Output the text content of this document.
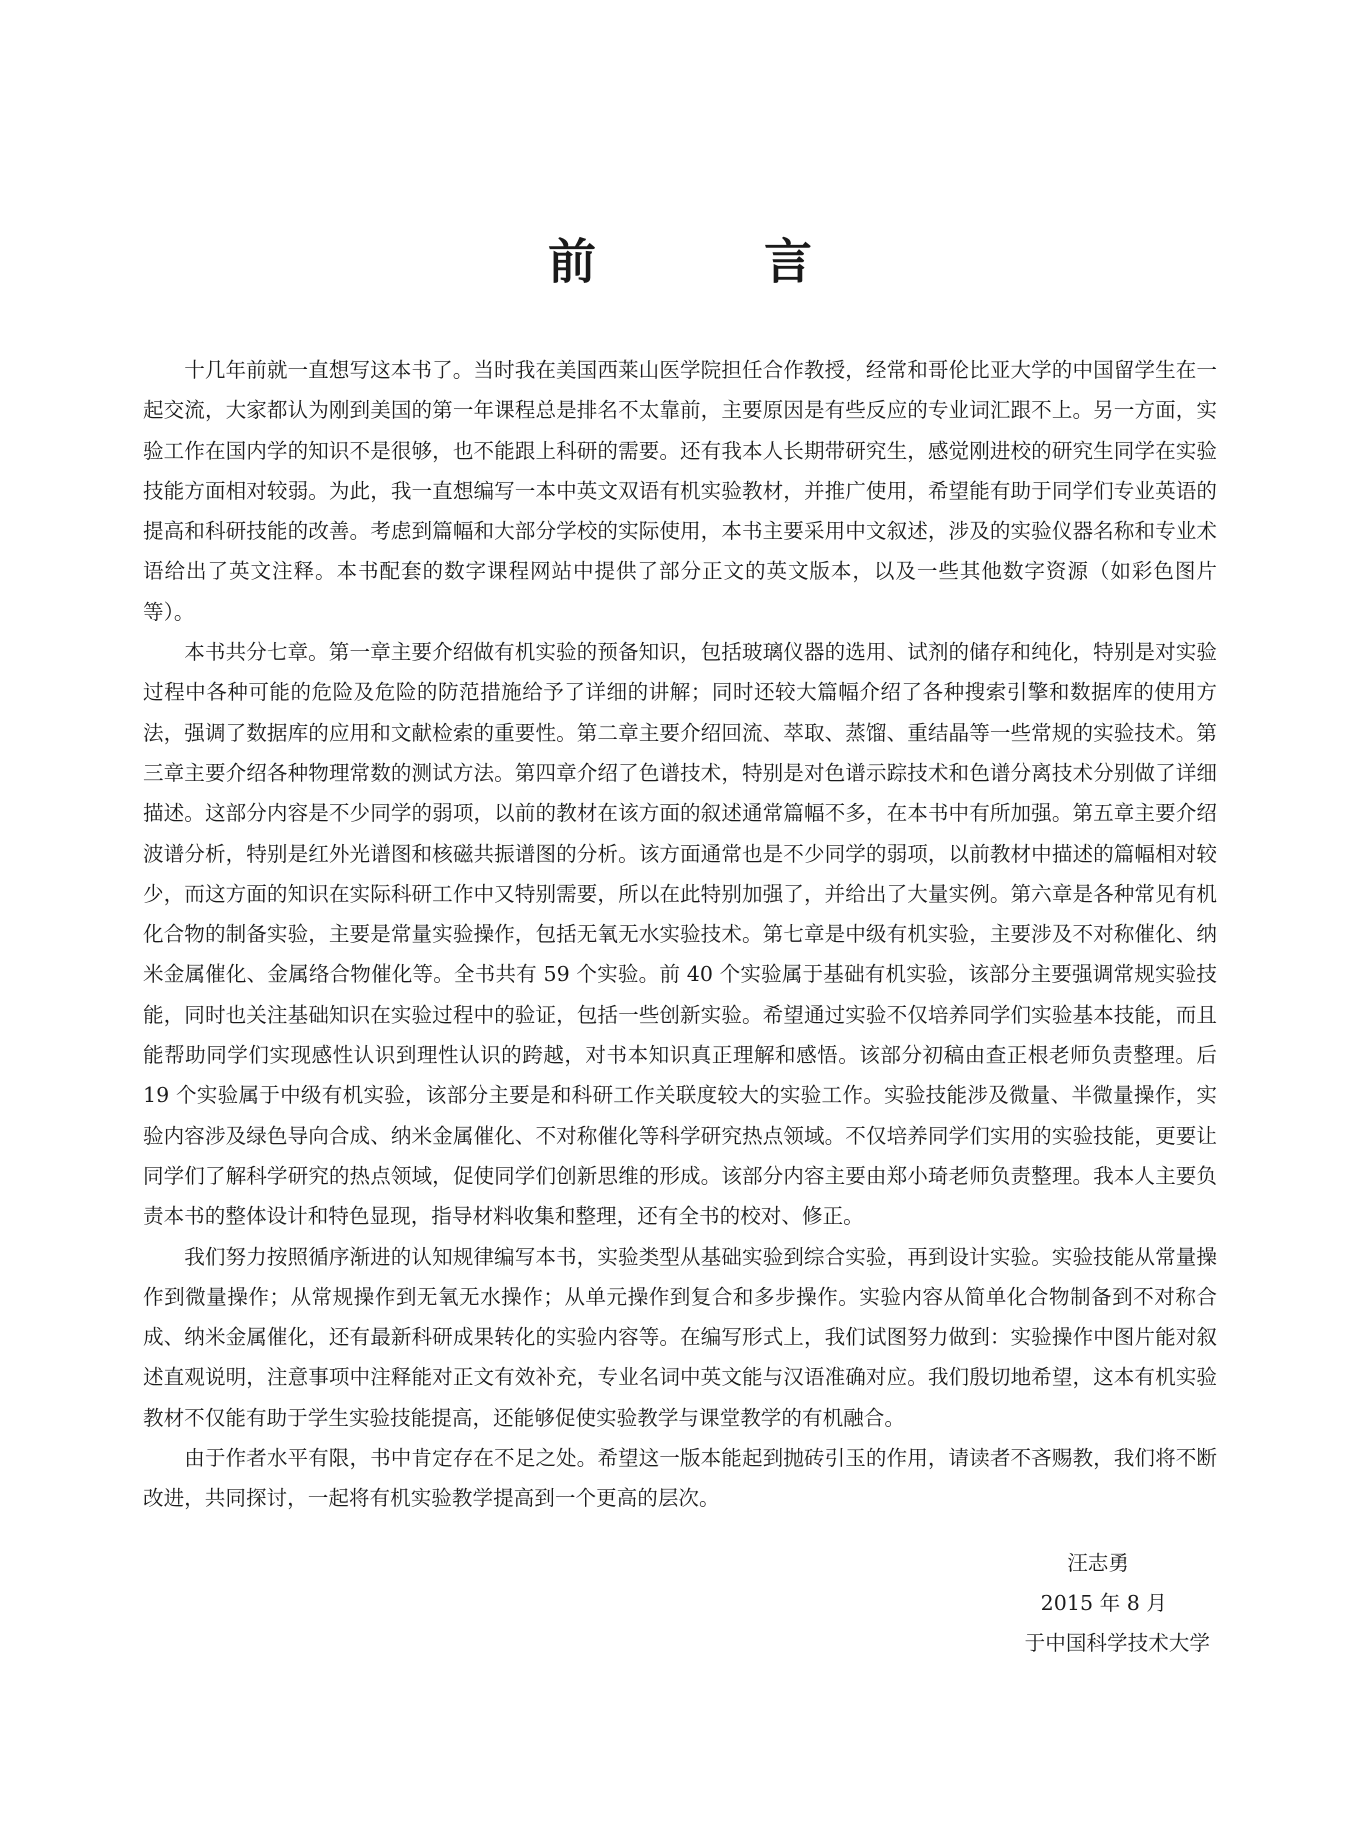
前　言

十几年前就一直想写这本书了。当时我在美国西莱山医学院担任合作教授，经常和哥伦比亚大学的中国留学生在一起交流，大家都认为刚到美国的第一年课程总是排名不太靠前，主要原因是有些反应的专业词汇跟不上。另一方面，实验工作在国内学的知识不是很够，也不能跟上科研的需要。还有我本人长期带研究生，感觉刚进校的研究生同学在实验技能方面相对较弱。为此，我一直想编写一本中英文双语有机实验教材，并推广使用，希望能有助于同学们专业英语的提高和科研技能的改善。考虑到篇幅和大部分学校的实际使用，本书主要采用中文叙述，涉及的实验仪器名称和专业术语给出了英文注释。本书配套的数字课程网站中提供了部分正文的英文版本，以及一些其他数字资源（如彩色图片等）。

本书共分七章。第一章主要介绍做有机实验的预备知识，包括玻璃仪器的选用、试剂的储存和纯化，特别是对实验过程中各种可能的危险及危险的防范措施给予了详细的讲解；同时还较大篇幅介绍了各种搜索引擎和数据库的使用方法，强调了数据库的应用和文献检索的重要性。第二章主要介绍回流、萃取、蒸馏、重结晶等一些常规的实验技术。第三章主要介绍各种物理常数的测试方法。第四章介绍了色谱技术，特别是对色谱示踪技术和色谱分离技术分别做了详细描述。这部分内容是不少同学的弱项，以前的教材在该方面的叙述通常篇幅不多，在本书中有所加强。第五章主要介绍波谱分析，特别是红外光谱图和核磁共振谱图的分析。该方面通常也是不少同学的弱项，以前教材中描述的篇幅相对较少，而这方面的知识在实际科研工作中又特别需要，所以在此特别加强了，并给出了大量实例。第六章是各种常见有机化合物的制备实验，主要是常量实验操作，包括无氧无水实验技术。第七章是中级有机实验，主要涉及不对称催化、纳米金属催化、金属络合物催化等。全书共有 59 个实验。前 40 个实验属于基础有机实验，该部分主要强调常规实验技能，同时也关注基础知识在实验过程中的验证，包括一些创新实验。希望通过实验不仅培养同学们实验基本技能，而且能帮助同学们实现感性认识到理性认识的跨越，对书本知识真正理解和感悟。该部分初稿由查正根老师负责整理。后 19 个实验属于中级有机实验，该部分主要是和科研工作关联度较大的实验工作。实验技能涉及微量、半微量操作，实验内容涉及绿色导向合成、纳米金属催化、不对称催化等科学研究热点领域。不仅培养同学们实用的实验技能，更要让同学们了解科学研究的热点领域，促使同学们创新思维的形成。该部分内容主要由郑小琦老师负责整理。我本人主要负责本书的整体设计和特色显现，指导材料收集和整理，还有全书的校对、修正。

我们努力按照循序渐进的认知规律编写本书，实验类型从基础实验到综合实验，再到设计实验。实验技能从常量操作到微量操作；从常规操作到无氧无水操作；从单元操作到复合和多步操作。实验内容从简单化合物制备到不对称合成、纳米金属催化，还有最新科研成果转化的实验内容等。在编写形式上，我们试图努力做到：实验操作中图片能对叙述直观说明，注意事项中注释能对正文有效补充，专业名词中英文能与汉语准确对应。我们殷切地希望，这本有机实验教材不仅能有助于学生实验技能提高，还能够促使实验教学与课堂教学的有机融合。

由于作者水平有限，书中肯定存在不足之处。希望这一版本能起到抛砖引玉的作用，请读者不吝赐教，我们将不断改进，共同探讨，一起将有机实验教学提高到一个更高的层次。

汪志勇
2015 年 8 月
于中国科学技术大学
